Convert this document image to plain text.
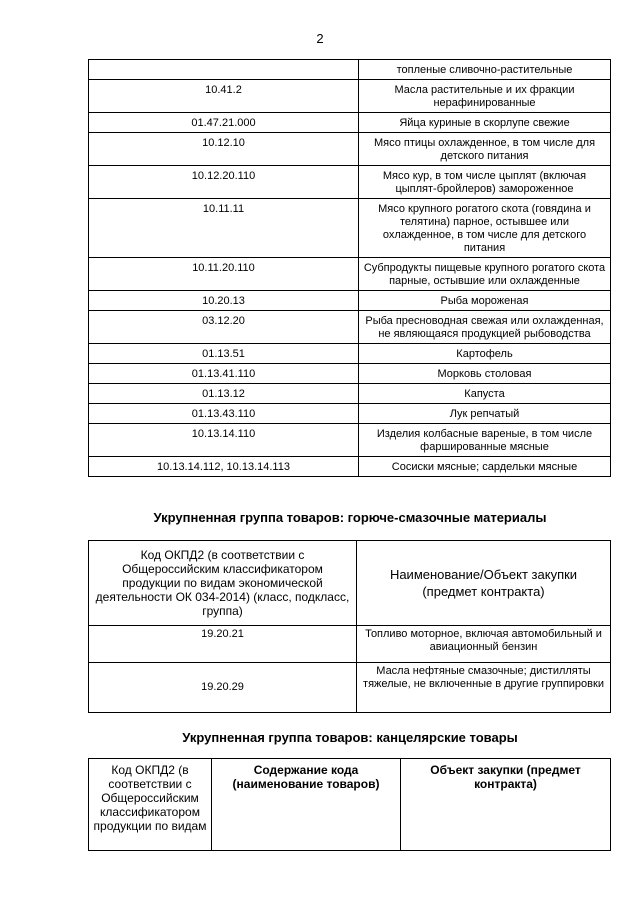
2
	топленые сливочно-растительные
10.41.2	Масла растительные и их фракции нерафинированные
01.47.21.000	Яйца куриные в скорлупе свежие
10.12.10	Мясо птицы охлажденное, в том числе для детского питания
10.12.20.110	Мясо кур, в том числе цыплят (включая цыплят-бройлеров) замороженное
10.11.11	Мясо крупного рогатого скота (говядина и телятина) парное, остывшее или охлажденное, в том числе для детского питания
10.11.20.110	Субпродукты пищевые крупного рогатого скота парные, остывшие или охлажденные
10.20.13	Рыба мороженая
03.12.20	Рыба пресноводная свежая или охлажденная, не являющаяся продукцией рыбоводства
01.13.51	Картофель
01.13.41.110	Морковь столовая
01.13.12	Капуста
01.13.43.110	Лук репчатый
10.13.14.110	Изделия колбасные вареные, в том числе фаршированные мясные
10.13.14.112, 10.13.14.113	Сосиски мясные; сардельки мясные
Укрупненная группа товаров: горюче-смазочные материалы
Код ОКПД2 (в соответствии с Общероссийским классификатором продукции по видам экономической деятельности ОК 034-2014) (класс, подкласс, группа)	Наименование/Объект закупки (предмет контракта)
19.20.21	Топливо моторное, включая автомобильный и авиационный бензин
19.20.29	Масла нефтяные смазочные; дистилляты тяжелые, не включенные в другие группировки
Укрупненная группа товаров: канцелярские товары
Код ОКПД2 (в соответствии с Общероссийским классификатором продукции по видам	Содержание кода (наименование товаров)	Объект закупки (предмет контракта)
